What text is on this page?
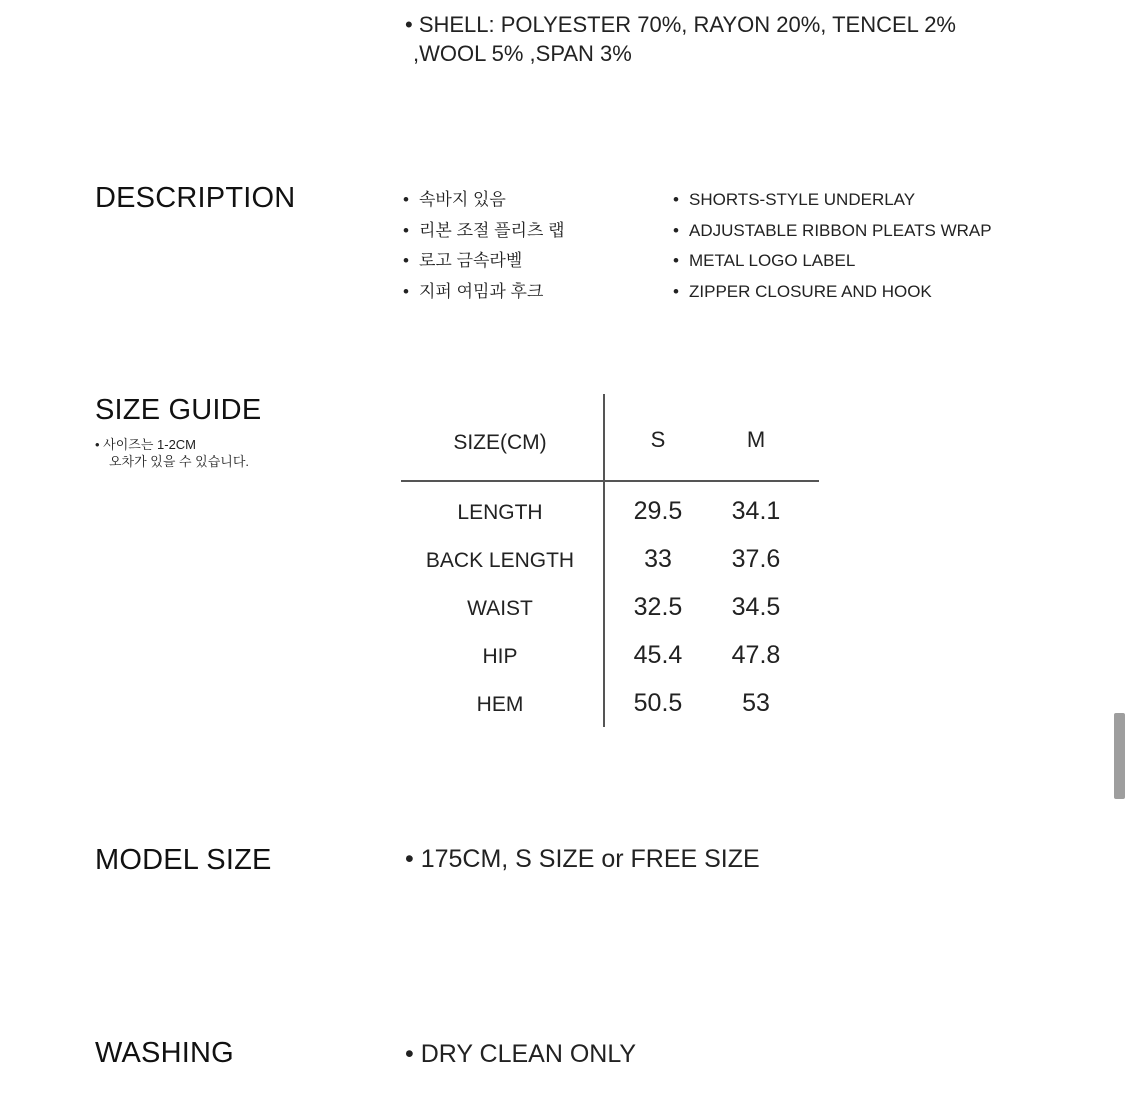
• SHELL: POLYESTER 70%, RAYON 20%, TENCEL 2%
,WOOL 5% ,SPAN 3%
DESCRIPTION	• 속바지 있음
• 리본 조절 플리츠 랩
• 로고 금속라벨
• 지퍼 여밈과 후크
• SHORTS-STYLE UNDERLAY
• ADJUSTABLE RIBBON PLEATS WRAP
• METAL LOGO LABEL
• ZIPPER CLOSURE AND HOOK
SIZE GUIDE
• 사이즈는 1-2CM
오차가 있을 수 있습니다.
SIZE(CM)	S	M
LENGTH	29.5	34.1
BACK LENGTH	33	37.6
WAIST	32.5	34.5
HIP	45.4	47.8
HEM	50.5	53
MODEL SIZE	• 175CM, S SIZE or FREE SIZE
WASHING	• DRY CLEAN ONLY
